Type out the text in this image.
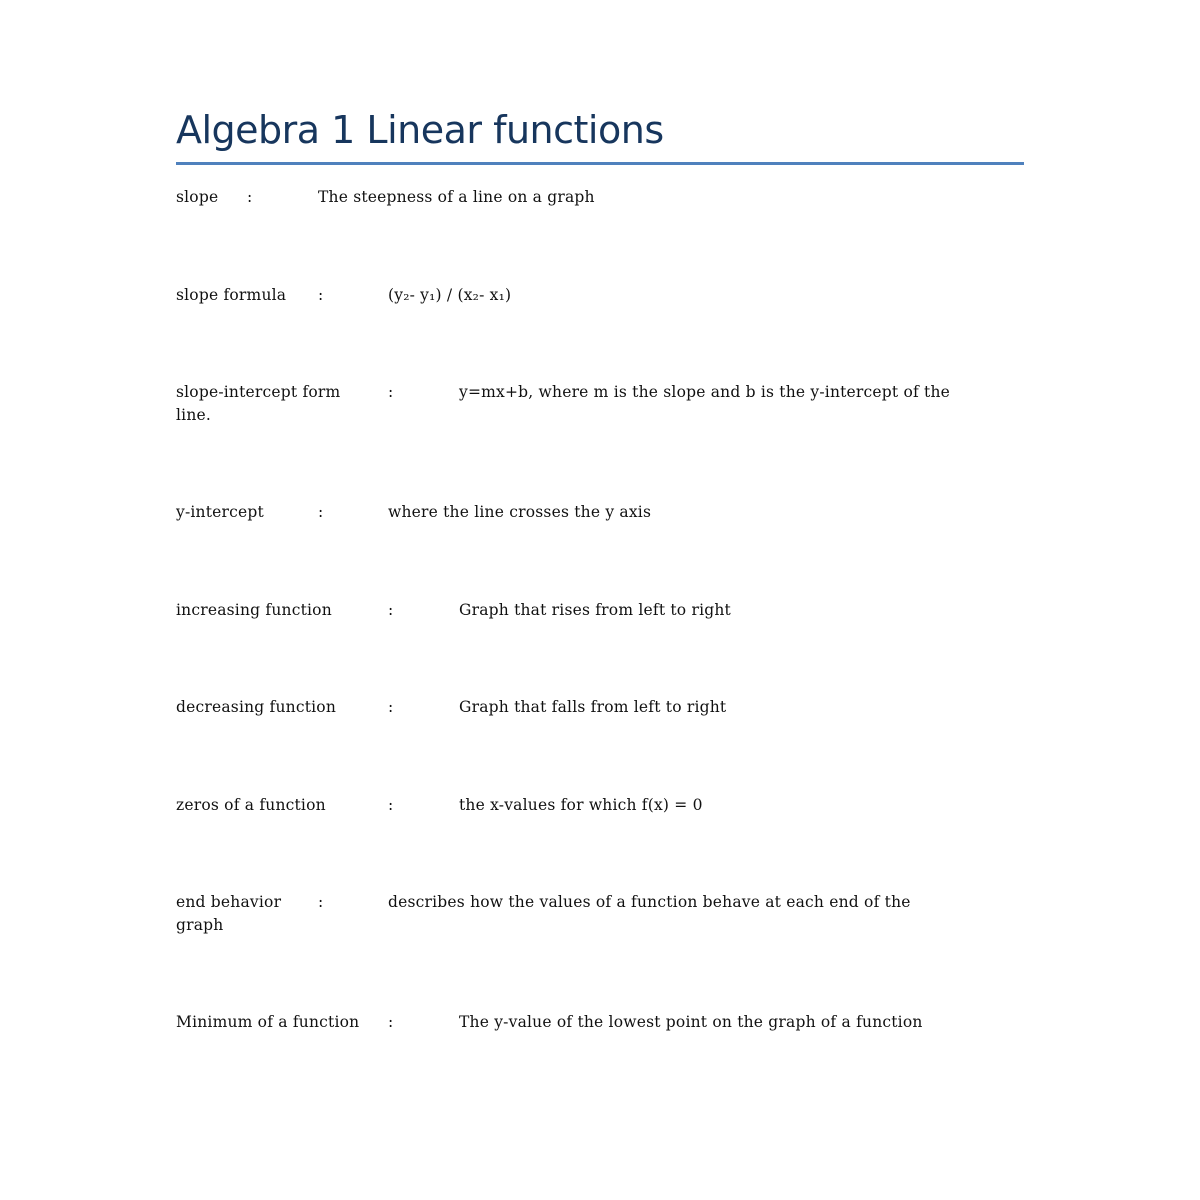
Algebra 1 Linear functions
slope :	The steepness of a line on a graph
slope formula :	(y₂- y₁) / (x₂- x₁)
slope-intercept form	:	y=mx+b, where m is the slope and b is the y-intercept of the
line.
y-intercept	:	where the line crosses the y axis
increasing function	:	Graph that rises from left to right
decreasing function	:	Graph that falls from left to right
zeros of a function	:	the x-values for which f(x) = 0
end behavior :	describes how the values of a function behave at each end of the
graph
Minimum of a function :	The y-value of the lowest point on the graph of a function
